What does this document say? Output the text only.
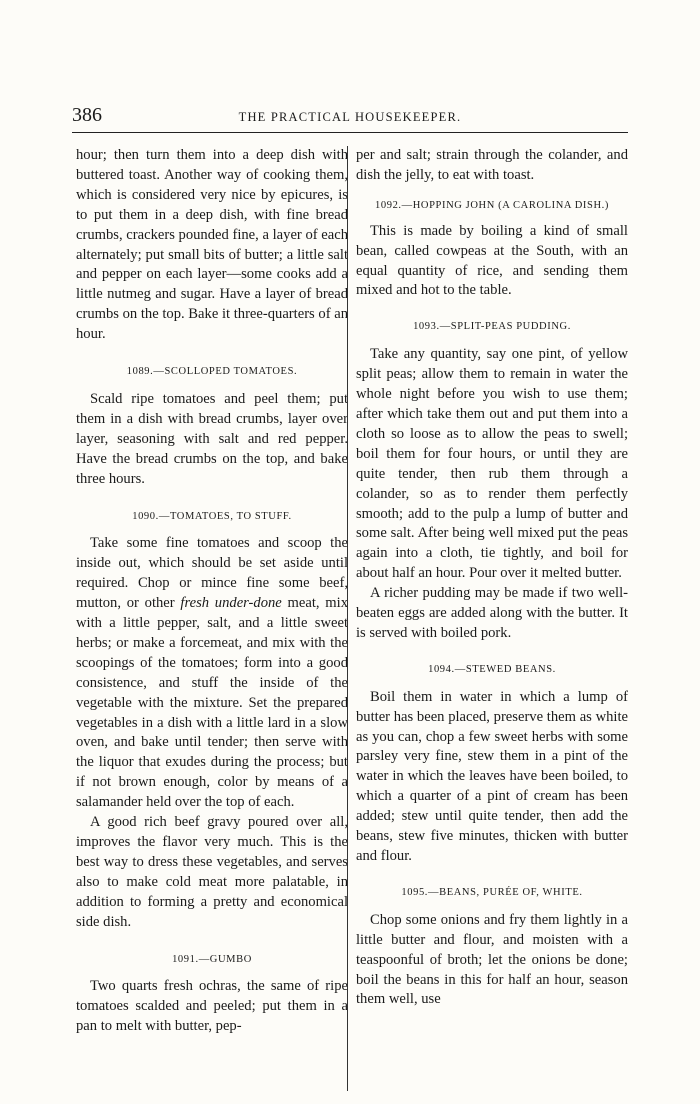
386	THE PRACTICAL HOUSEKEEPER.

hour; then turn them into a deep dish with buttered toast. Another way of cooking them, which is considered very nice by epicures, is to put them in a deep dish, with fine bread crumbs, crackers pounded fine, a layer of each alternately; put small bits of butter; a little salt and pepper on each layer—some cooks add a little nutmeg and sugar. Have a layer of bread crumbs on the top. Bake it three-quarters of an hour.

1089.—SCOLLOPED TOMATOES.

Scald ripe tomatoes and peel them; put them in a dish with bread crumbs, layer over layer, seasoning with salt and red pepper. Have the bread crumbs on the top, and bake three hours.

1090.—TOMATOES, TO STUFF.

Take some fine tomatoes and scoop the inside out, which should be set aside until required. Chop or mince fine some beef, mutton, or other fresh under-done meat, mix with a little pepper, salt, and a little sweet herbs; or make a forcemeat, and mix with the scoopings of the tomatoes; form into a good consistence, and stuff the inside of the vegetable with the mixture. Set the prepared vegetables in a dish with a little lard in a slow oven, and bake until tender; then serve with the liquor that exudes during the process; but if not brown enough, color by means of a salamander held over the top of each.

A good rich beef gravy poured over all, improves the flavor very much. This is the best way to dress these vegetables, and serves also to make cold meat more palatable, in addition to forming a pretty and economical side dish.

1091.—GUMBO

Two quarts fresh ochras, the same of ripe tomatoes scalded and peeled; put them in a pan to melt with butter, pep-

per and salt; strain through the colander, and dish the jelly, to eat with toast.

1092.—HOPPING JOHN (A CAROLINA DISH.)

This is made by boiling a kind of small bean, called cowpeas at the South, with an equal quantity of rice, and sending them mixed and hot to the table.

1093.—SPLIT-PEAS PUDDING.

Take any quantity, say one pint, of yellow split peas; allow them to remain in water the whole night before you wish to use them; after which take them out and put them into a cloth so loose as to allow the peas to swell; boil them for four hours, or until they are quite tender, then rub them through a colander, so as to render them perfectly smooth; add to the pulp a lump of butter and some salt. After being well mixed put the peas again into a cloth, tie tightly, and boil for about half an hour. Pour over it melted butter.

A richer pudding may be made if two well-beaten eggs are added along with the butter. It is served with boiled pork.

1094.—STEWED BEANS.

Boil them in water in which a lump of butter has been placed, preserve them as white as you can, chop a few sweet herbs with some parsley very fine, stew them in a pint of the water in which the leaves have been boiled, to which a quarter of a pint of cream has been added; stew until quite tender, then add the beans, stew five minutes, thicken with butter and flour.

1095.—BEANS, PURÉE OF, WHITE.

Chop some onions and fry them lightly in a little butter and flour, and moisten with a teaspoonful of broth; let the onions be done; boil the beans in this for half an hour, season them well, use
